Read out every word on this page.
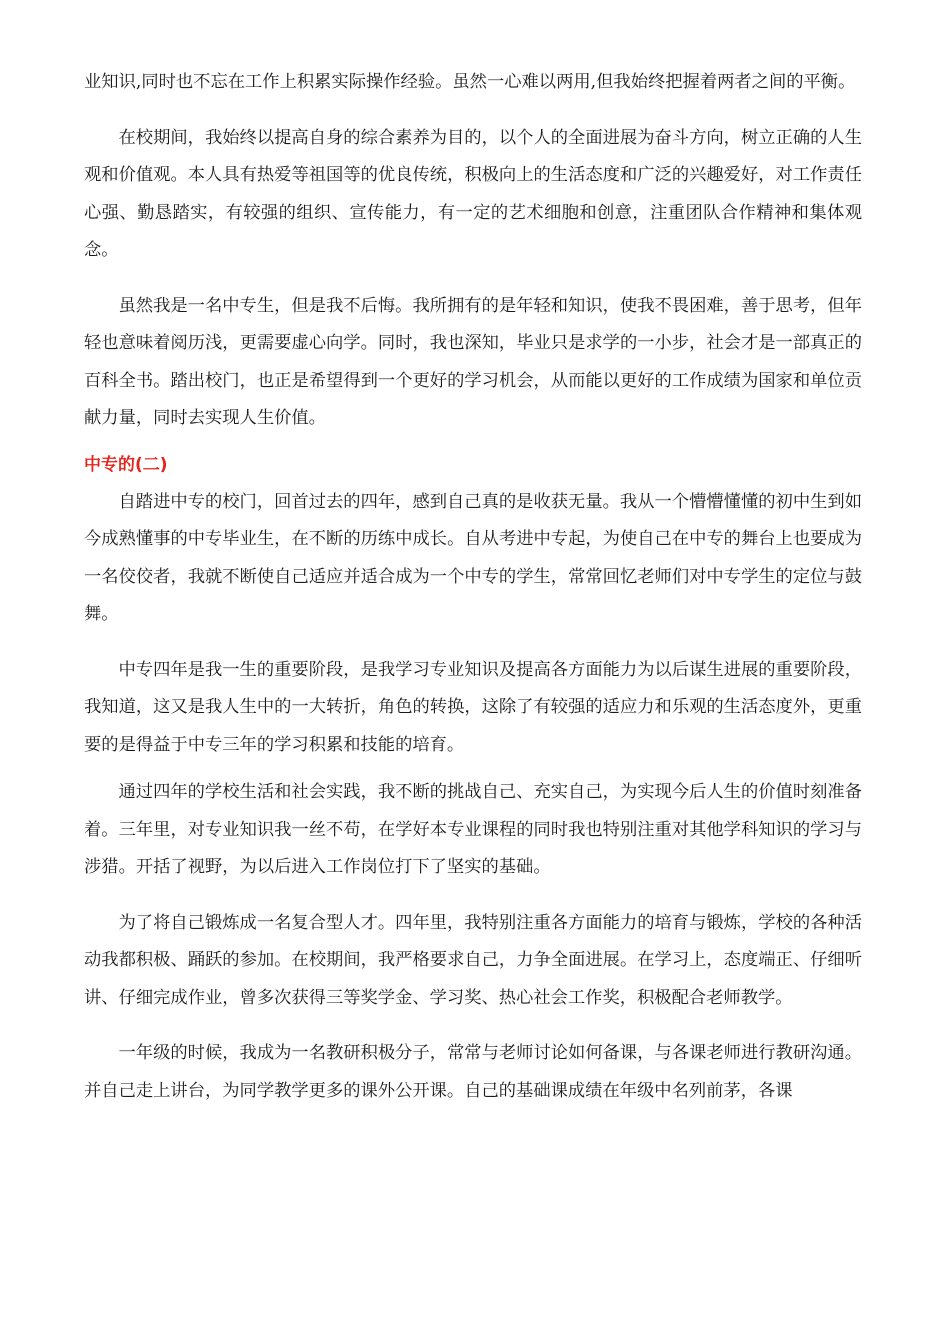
业知识,同时也不忘在工作上积累实际操作经验。虽然一心难以两用,但我始终把握着两者之间的平衡。

在校期间，我始终以提高自身的综合素养为目的，以个人的全面进展为奋斗方向，树立正确的人生观和价值观。本人具有热爱等祖国等的优良传统，积极向上的生活态度和广泛的兴趣爱好，对工作责任心强、勤恳踏实，有较强的组织、宣传能力，有一定的艺术细胞和创意，注重团队合作精神和集体观念。

虽然我是一名中专生，但是我不后悔。我所拥有的是年轻和知识，使我不畏困难，善于思考，但年轻也意味着阅历浅，更需要虚心向学。同时，我也深知，毕业只是求学的一小步，社会才是一部真正的百科全书。踏出校门，也正是希望得到一个更好的学习机会，从而能以更好的工作成绩为国家和单位贡献力量，同时去实现人生价值。

中专的(二)

自踏进中专的校门，回首过去的四年，感到自己真的是收获无量。我从一个懵懵懂懂的初中生到如今成熟懂事的中专毕业生，在不断的历练中成长。自从考进中专起，为使自己在中专的舞台上也要成为一名佼佼者，我就不断使自己适应并适合成为一个中专的学生，常常回忆老师们对中专学生的定位与鼓舞。

中专四年是我一生的重要阶段，是我学习专业知识及提高各方面能力为以后谋生进展的重要阶段，我知道，这又是我人生中的一大转折，角色的转换，这除了有较强的适应力和乐观的生活态度外，更重要的是得益于中专三年的学习积累和技能的培育。

通过四年的学校生活和社会实践，我不断的挑战自己、充实自己，为实现今后人生的价值时刻准备着。三年里，对专业知识我一丝不苟，在学好本专业课程的同时我也特别注重对其他学科知识的学习与涉猎。开括了视野，为以后进入工作岗位打下了坚实的基础。

为了将自己锻炼成一名复合型人才。四年里，我特别注重各方面能力的培育与锻炼，学校的各种活动我都积极、踊跃的参加。在校期间，我严格要求自己，力争全面进展。在学习上，态度端正、仔细听讲、仔细完成作业，曾多次获得三等奖学金、学习奖、热心社会工作奖，积极配合老师教学。

一年级的时候，我成为一名教研积极分子，常常与老师讨论如何备课，与各课老师进行教研沟通。并自己走上讲台，为同学教学更多的课外公开课。自己的基础课成绩在年级中名列前茅，各课
